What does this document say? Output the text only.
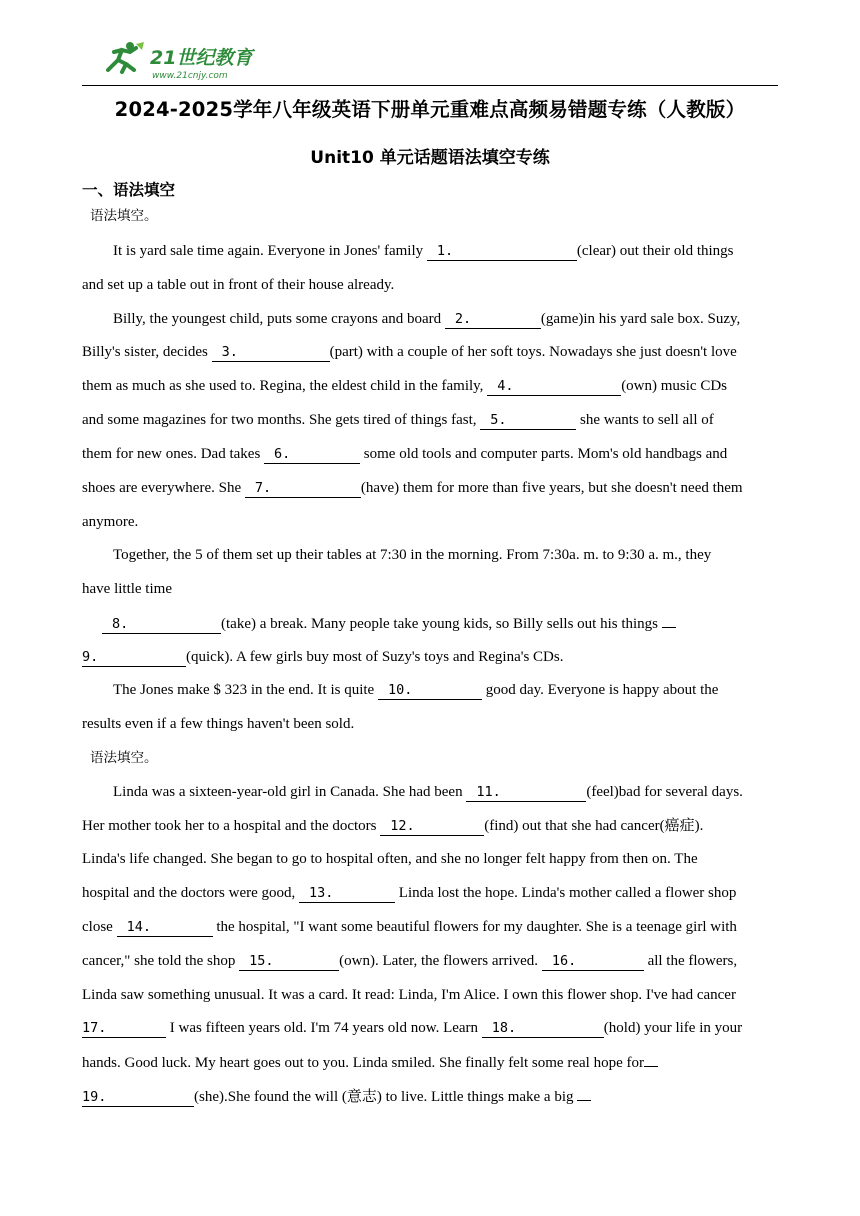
21世纪教育
www.21cnjy.com
2024-2025学年八年级英语下册单元重难点高频易错题专练（人教版）
Unit10 单元话题语法填空专练
一、语法填空
语法填空。
It is yard sale time again. Everyone in Jones' family 1.	(clear) out their old things
and set up a table out in front of their house already.
Billy, the youngest child, puts some crayons and board 2.	(game)in his yard sale box. Suzy,
Billy's sister, decides 3.	(part) with a couple of her soft toys. Nowadays she just doesn't love
them as much as she used to. Regina, the eldest child in the family, 4.	(own) music CDs
and some magazines for two months. She gets tired of things fast, 5.	she wants to sell all of
them for new ones. Dad takes 6.	some old tools and computer parts. Mom's old handbags and
shoes are everywhere. She 7.	(have) them for more than five years, but she doesn't need them
anymore.
Together, the 5 of them set up their tables at 7:30 in the morning. From 7:30a. m. to 9:30 a. m., they
have little time
8.	(take) a break. Many people take young kids, so Billy sells out his things
9.	(quick). A few girls buy most of Suzy's toys and Regina's CDs.
The Jones make $ 323 in the end. It is quite 10.	good day. Everyone is happy about the
results even if a few things haven't been sold.
语法填空。
Linda was a sixteen-year-old girl in Canada. She had been 11.	(feel)bad for several days.
Her mother took her to a hospital and the doctors 12.	(find) out that she had cancer(癌症).
Linda's life changed. She began to go to hospital often, and she no longer felt happy from then on. The
hospital and the doctors were good, 13.	Linda lost the hope. Linda's mother called a flower shop
close 14.	the hospital, "I want some beautiful flowers for my daughter. She is a teenage girl with
cancer," she told the shop 15.	(own). Later, the flowers arrived. 16.	all the flowers,
Linda saw something unusual. It was a card. It read: Linda, I'm Alice. I own this flower shop. I've had cancer
17.	I was fifteen years old. I'm 74 years old now. Learn 18.	(hold) your life in your
hands. Good luck. My heart goes out to you. Linda smiled. She finally felt some real hope for
19.	(she).She found the will (意志) to live. Little things make a big
